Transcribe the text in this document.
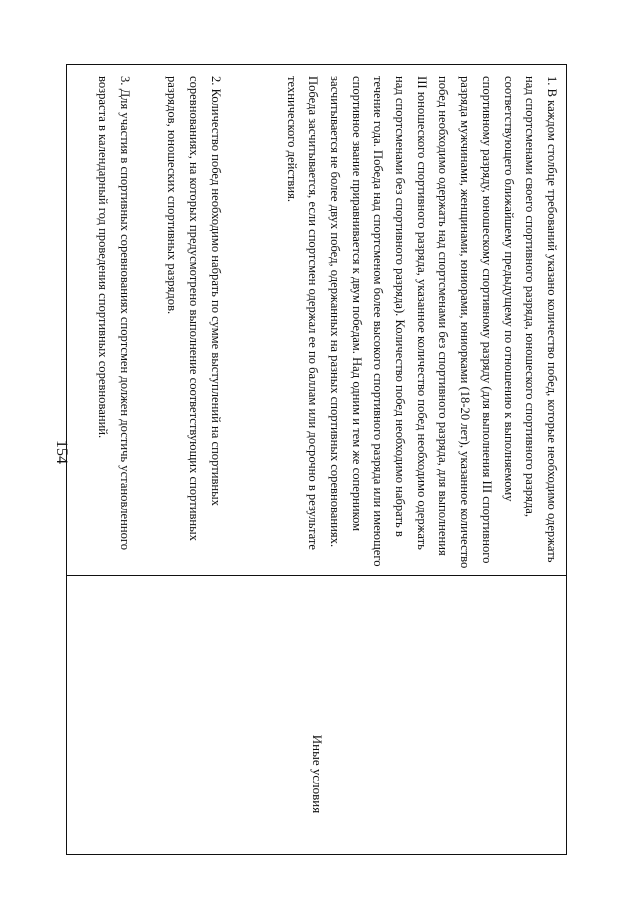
154
Иные условия

1. В каждом столбце требований указано количество побед, которые необходимо одержать над спортсменами своего спортивного разряда, юношеского спортивного разряда, соответствующего ближайшему предыдущему по отношению к выполняемому спортивному разряду, юношескому спортивному разряду (для выполнения III спортивного разряда мужчинами, женщинами, юниорами, юниорками (18-20 лет), указанное количество побед необходимо одержать над спортсменами без спортивного разряда, для выполнения III юношеского спортивного разряда, указанное количество побед необходимо одержать над спортсменами без спортивного разряда). Количество побед необходимо набрать в течение года. Победа над спортсменом более высокого спортивного разряда или имеющего спортивное звание приравнивается к двум победам. Над одним и тем же соперником засчитывается не более двух побед, одержанных на разных спортивных соревнованиях. Победа засчитывается, если спортсмен одержал ее по баллам или досрочно в результате технического действия.

2. Количество побед необходимо набрать по сумме выступлений на спортивных соревнованиях, на которых предусмотрено выполнение соответствующих спортивных разрядов, юношеских спортивных разрядов.

3. Для участия в спортивных соревнованиях спортсмен должен достичь установленного возраста в календарный год проведения спортивных соревнований.
